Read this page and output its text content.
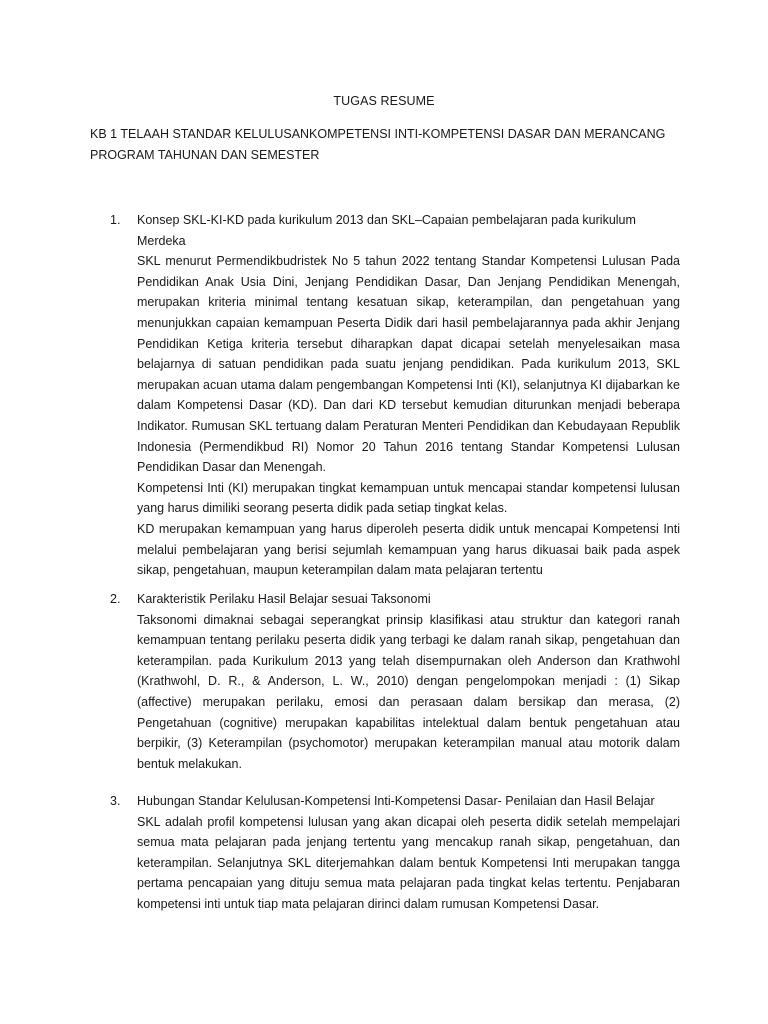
TUGAS RESUME
KB 1 TELAAH STANDAR KELULUSANKOMPETENSI INTI-KOMPETENSI DASAR DAN MERANCANG
PROGRAM TAHUNAN DAN SEMESTER
1. Konsep SKL-KI-KD pada kurikulum 2013 dan SKL–Capaian pembelajaran pada kurikulum

Merdeka

SKL menurut Permendikbudristek No 5 tahun 2022 tentang Standar Kompetensi Lulusan Pada Pendidikan Anak Usia Dini, Jenjang Pendidikan Dasar, Dan Jenjang Pendidikan Menengah, merupakan kriteria minimal tentang kesatuan sikap, keterampilan, dan pengetahuan yang menunjukkan capaian kemampuan Peserta Didik dari hasil pembelajarannya pada akhir Jenjang Pendidikan Ketiga kriteria tersebut diharapkan dapat dicapai setelah menyelesaikan masa belajarnya di satuan pendidikan pada suatu jenjang pendidikan. Pada kurikulum 2013, SKL merupakan acuan utama dalam pengembangan Kompetensi Inti (KI), selanjutnya KI dijabarkan ke dalam Kompetensi Dasar (KD). Dan dari KD tersebut kemudian diturunkan menjadi beberapa Indikator. Rumusan SKL tertuang dalam Peraturan Menteri Pendidikan dan Kebudayaan Republik Indonesia (Permendikbud RI) Nomor 20 Tahun 2016 tentang Standar Kompetensi Lulusan Pendidikan Dasar dan Menengah.

Kompetensi Inti (KI) merupakan tingkat kemampuan untuk mencapai standar kompetensi lulusan yang harus dimiliki seorang peserta didik pada setiap tingkat kelas.

KD merupakan kemampuan yang harus diperoleh peserta didik untuk mencapai Kompetensi Inti melalui pembelajaran yang berisi sejumlah kemampuan yang harus dikuasai baik pada aspek sikap, pengetahuan, maupun keterampilan dalam mata pelajaran tertentu

2. Karakteristik Perilaku Hasil Belajar sesuai Taksonomi

Taksonomi dimaknai sebagai seperangkat prinsip klasifikasi atau struktur dan kategori ranah kemampuan tentang perilaku peserta didik yang terbagi ke dalam ranah sikap, pengetahuan dan keterampilan. pada Kurikulum 2013 yang telah disempurnakan oleh Anderson dan Krathwohl (Krathwohl, D. R., & Anderson, L. W., 2010) dengan pengelompokan menjadi : (1) Sikap (affective) merupakan perilaku, emosi dan perasaan dalam bersikap dan merasa, (2) Pengetahuan (cognitive) merupakan kapabilitas intelektual dalam bentuk pengetahuan atau berpikir, (3) Keterampilan (psychomotor) merupakan keterampilan manual atau motorik dalam bentuk melakukan.

3. Hubungan Standar Kelulusan-Kompetensi Inti-Kompetensi Dasar- Penilaian dan Hasil Belajar

SKL adalah profil kompetensi lulusan yang akan dicapai oleh peserta didik setelah mempelajari semua mata pelajaran pada jenjang tertentu yang mencakup ranah sikap, pengetahuan, dan keterampilan. Selanjutnya SKL diterjemahkan dalam bentuk Kompetensi Inti merupakan tangga pertama pencapaian yang dituju semua mata pelajaran pada tingkat kelas tertentu. Penjabaran kompetensi inti untuk tiap mata pelajaran dirinci dalam rumusan Kompetensi Dasar.
